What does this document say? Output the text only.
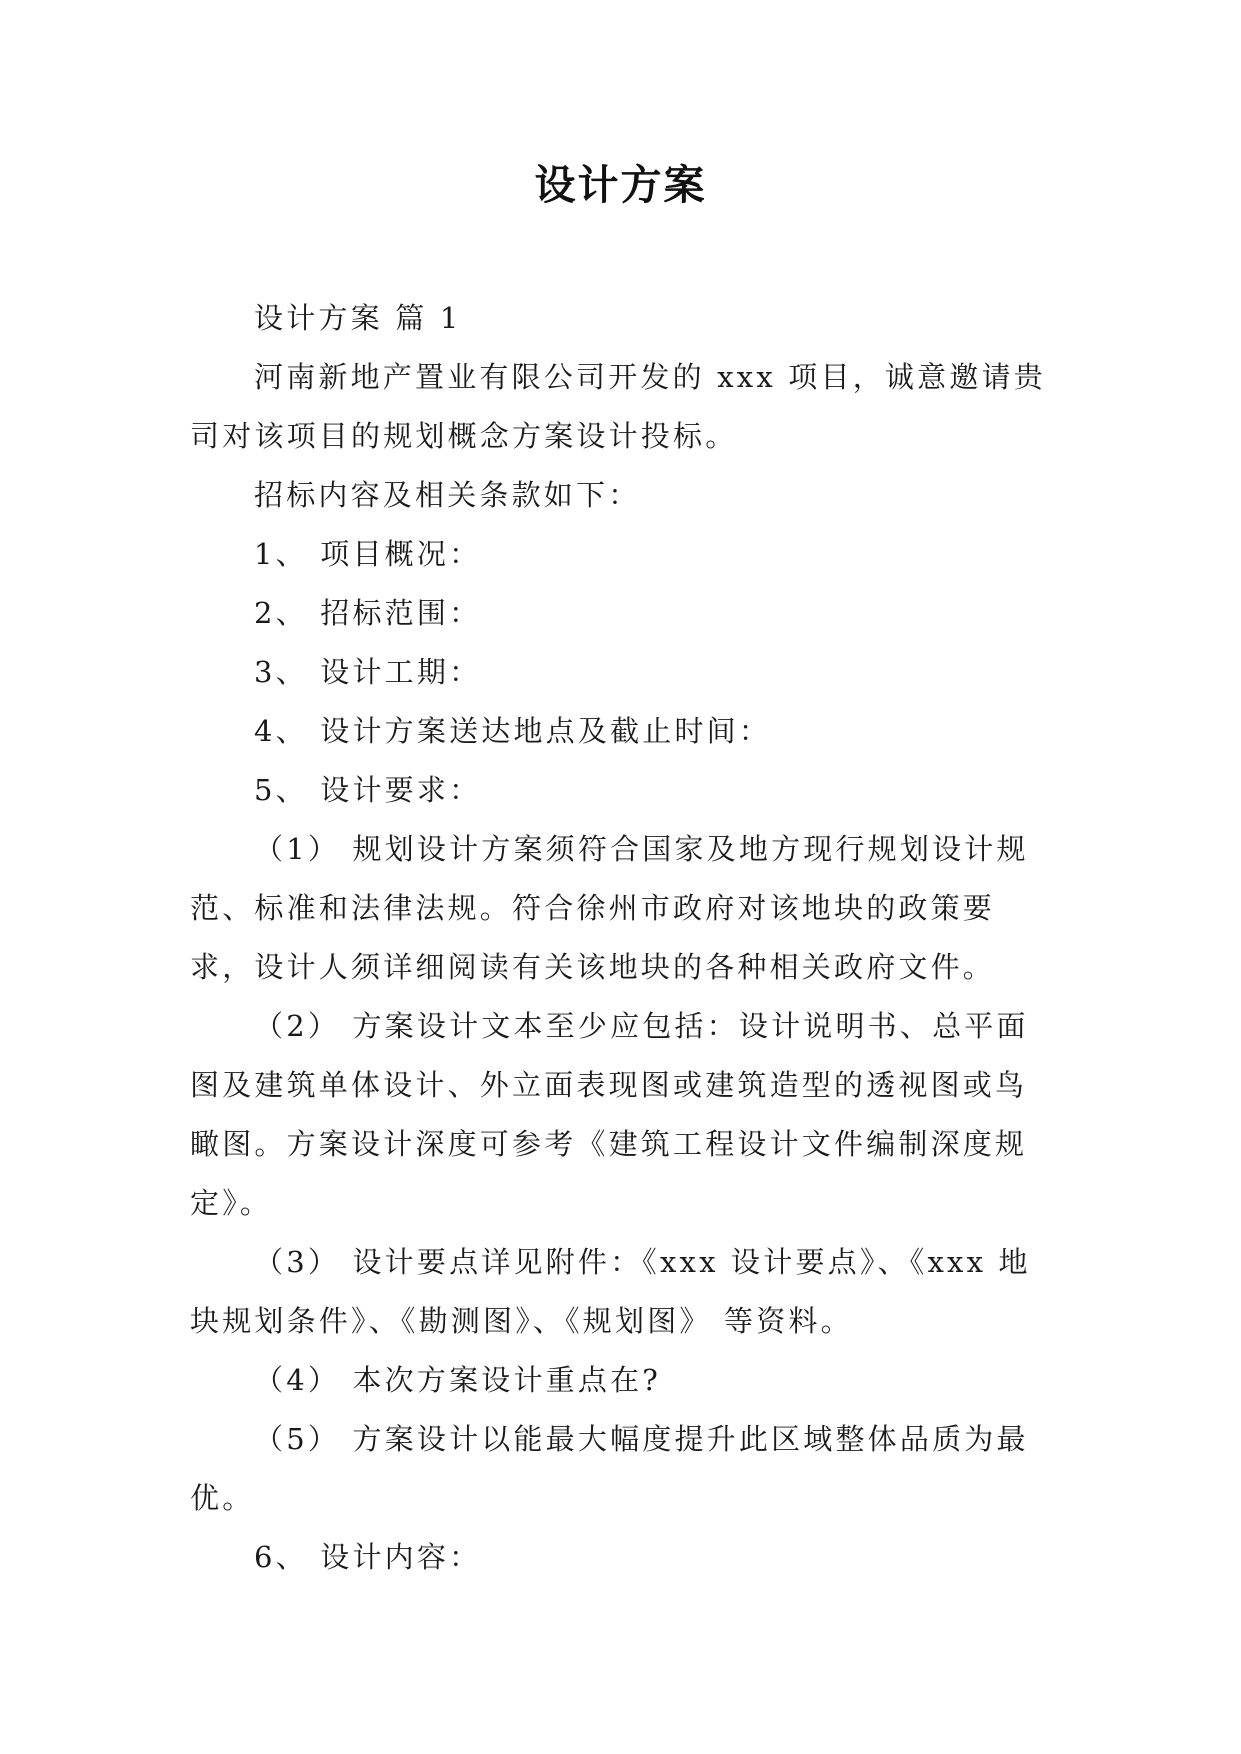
设计方案

设计方案 篇 1

河南新地产置业有限公司开发的 xxx 项目，诚意邀请贵司对该项目的规划概念方案设计投标。

招标内容及相关条款如下：

1、 项目概况：

2、 招标范围：

3、 设计工期：

4、 设计方案送达地点及截止时间：

5、 设计要求：

（1） 规划设计方案须符合国家及地方现行规划设计规范、标准和法律法规。符合徐州市政府对该地块的政策要求，设计人须详细阅读有关该地块的各种相关政府文件。

（2） 方案设计文本至少应包括：设计说明书、总平面图及建筑单体设计、外立面表现图或建筑造型的透视图或鸟瞰图。方案设计深度可参考《建筑工程设计文件编制深度规定》。

（3） 设计要点详见附件：《xxx 设计要点》、《xxx 地块规划条件》、《勘测图》、《规划图》 等资料。

（4） 本次方案设计重点在?

（5） 方案设计以能最大幅度提升此区域整体品质为最优。

6、 设计内容：
